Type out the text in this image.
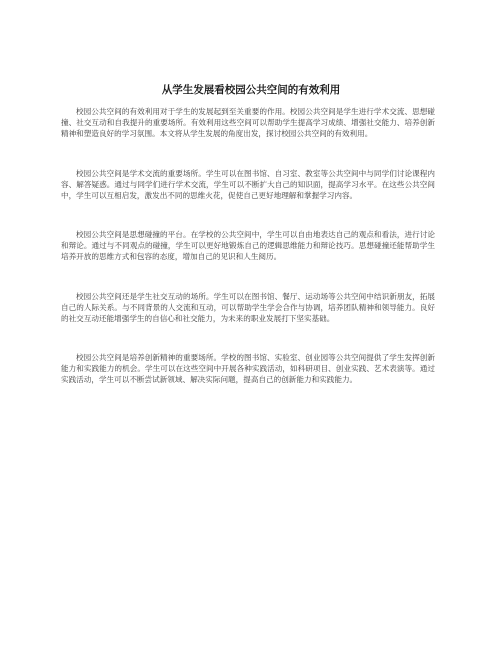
从学生发展看校园公共空间的有效利用

校园公共空间的有效利用对于学生的发展起到至关重要的作用。校园公共空间是学生进行学术交流、思想碰撞、社交互动和自我提升的重要场所。有效利用这些空间可以帮助学生提高学习成绩、增强社交能力、培养创新精神和塑造良好的学习氛围。本文将从学生发展的角度出发，探讨校园公共空间的有效利用。

校园公共空间是学术交流的重要场所。学生可以在图书馆、自习室、教室等公共空间中与同学们讨论课程内容、解答疑惑。通过与同学们进行学术交流，学生可以不断扩大自己的知识面，提高学习水平。在这些公共空间中，学生可以互相启发，激发出不同的思维火花，促使自己更好地理解和掌握学习内容。

校园公共空间是思想碰撞的平台。在学校的公共空间中，学生可以自由地表达自己的观点和看法，进行讨论和辩论。通过与不同观点的碰撞，学生可以更好地锻炼自己的逻辑思维能力和辩论技巧。思想碰撞还能帮助学生培养开放的思维方式和包容的态度，增加自己的见识和人生阅历。

校园公共空间还是学生社交互动的场所。学生可以在图书馆、餐厅、运动场等公共空间中结识新朋友，拓展自己的人际关系。与不同背景的人交流和互动，可以帮助学生学会合作与协调，培养团队精神和领导能力。良好的社交互动还能增强学生的自信心和社交能力，为未来的职业发展打下坚实基础。

校园公共空间是培养创新精神的重要场所。学校的图书馆、实验室、创业园等公共空间提供了学生发挥创新能力和实践能力的机会。学生可以在这些空间中开展各种实践活动，如科研项目、创业实践、艺术表演等。通过实践活动，学生可以不断尝试新领域、解决实际问题，提高自己的创新能力和实践能力。
